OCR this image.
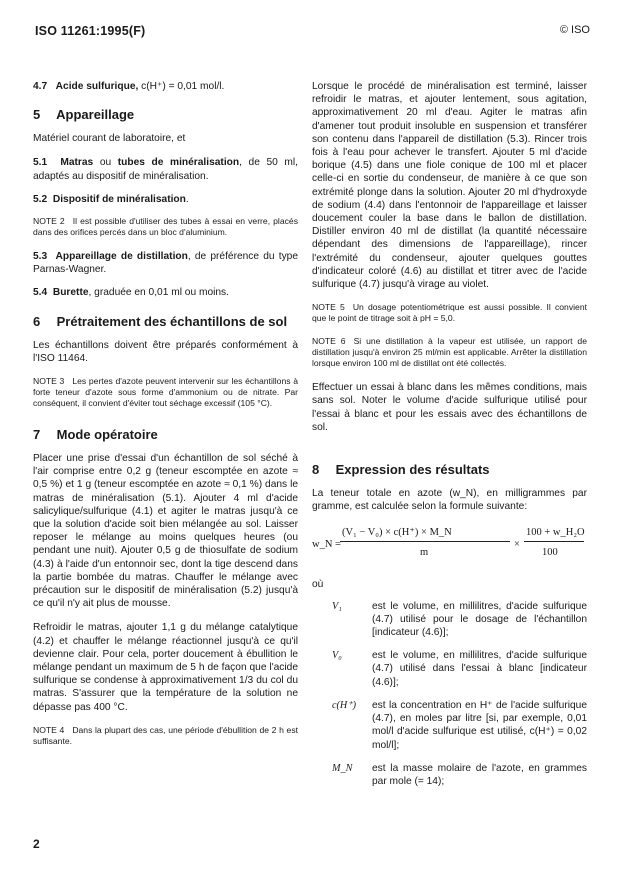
ISO 11261:1995(F)	© ISO

4.7 Acide sulfurique, c(H⁺) = 0,01 mol/l.

5 Appareillage

Matériel courant de laboratoire, et

5.1 Matras ou tubes de minéralisation, de 50 ml, adaptés au dispositif de minéralisation.

5.2 Dispositif de minéralisation.

NOTE 2 Il est possible d'utiliser des tubes à essai en verre, placés dans des orifices percés dans un bloc d'aluminium.

5.3 Appareillage de distillation, de préférence du type Parnas-Wagner.

5.4 Burette, graduée en 0,01 ml ou moins.

6 Prétraitement des échantillons de sol

Les échantillons doivent être préparés conformément à l'ISO 11464.

NOTE 3 Les pertes d'azote peuvent intervenir sur les échantillons à forte teneur d'azote sous forme d'ammonium ou de nitrate. Par conséquent, il convient d'éviter tout séchage excessif (105 °C).

7 Mode opératoire

Placer une prise d'essai d'un échantillon de sol séché à l'air comprise entre 0,2 g (teneur escomptée en azote ≈ 0,5 %) et 1 g (teneur escomptée en azote ≈ 0,1 %) dans le matras de minéralisation (5.1). Ajouter 4 ml d'acide salicylique/sulfurique (4.1) et agiter le matras jusqu'à ce que la solution d'acide soit bien mélangée au sol. Laisser reposer le mélange au moins quelques heures (ou pendant une nuit). Ajouter 0,5 g de thiosulfate de sodium (4.3) à l'aide d'un entonnoir sec, dont la tige descend dans la partie bombée du matras. Chauffer le mélange avec précaution sur le dispositif de minéralisation (5.2) jusqu'à ce qu'il n'y ait plus de mousse.

Refroidir le matras, ajouter 1,1 g du mélange catalytique (4.2) et chauffer le mélange réactionnel jusqu'à ce qu'il devienne clair. Pour cela, porter doucement à ébullition le mélange pendant un maximum de 5 h de façon que l'acide sulfurique se condense à approximativement 1/3 du col du matras. S'assurer que la température de la solution ne dépasse pas 400 °C.

NOTE 4 Dans la plupart des cas, une période d'ébullition de 2 h est suffisante.

Lorsque le procédé de minéralisation est terminé, laisser refroidir le matras, et ajouter lentement, sous agitation, approximativement 20 ml d'eau. Agiter le matras afin d'amener tout produit insoluble en suspension et transférer son contenu dans l'appareil de distillation (5.3). Rincer trois fois à l'eau pour achever le transfert. Ajouter 5 ml d'acide borique (4.5) dans une fiole conique de 100 ml et placer celle-ci en sortie du condenseur, de manière à ce que son extrémité plonge dans la solution. Ajouter 20 ml d'hydroxyde de sodium (4.4) dans l'entonnoir de l'appareillage et laisser doucement couler la base dans le ballon de distillation. Distiller environ 40 ml de distillat (la quantité nécessaire dépendant des dimensions de l'appareillage), rincer l'extrémité du condenseur, ajouter quelques gouttes d'indicateur coloré (4.6) au distillat et titrer avec de l'acide sulfurique (4.7) jusqu'à virage au violet.

NOTE 5 Un dosage potentiométrique est aussi possible. Il convient que le point de titrage soit à pH = 5,0.

NOTE 6 Si une distillation à la vapeur est utilisée, un rapport de distillation jusqu'à environ 25 ml/min est applicable. Arrêter la distillation lorsque environ 100 ml de distillat ont été collectés.

Effectuer un essai à blanc dans les mêmes conditions, mais sans sol. Noter le volume d'acide sulfurique utilisé pour l'essai à blanc et pour les essais avec des échantillons de sol.

8 Expression des résultats

La teneur totale en azote (w_N), en milligrammes par gramme, est calculée selon la formule suivante:

w_N =
(V₁ − V₀) × c(H⁺) × M_N
m
×
100 + w_H₂O
100

où

V₁	est le volume, en millilitres, d'acide sulfurique (4.7) utilisé pour le dosage de l'échantillon [indicateur (4.6)];
V₀	est le volume, en millilitres, d'acide sulfurique (4.7) utilisé dans l'essai à blanc [indicateur (4.6)];
c(H⁺)	est la concentration en H⁺ de l'acide sulfurique (4.7), en moles par litre [si, par exemple, 0,01 mol/l d'acide sulfurique est utilisé, c(H⁺) = 0,02 mol/l];
M_N	est la masse molaire de l'azote, en grammes par mole (= 14);
2
